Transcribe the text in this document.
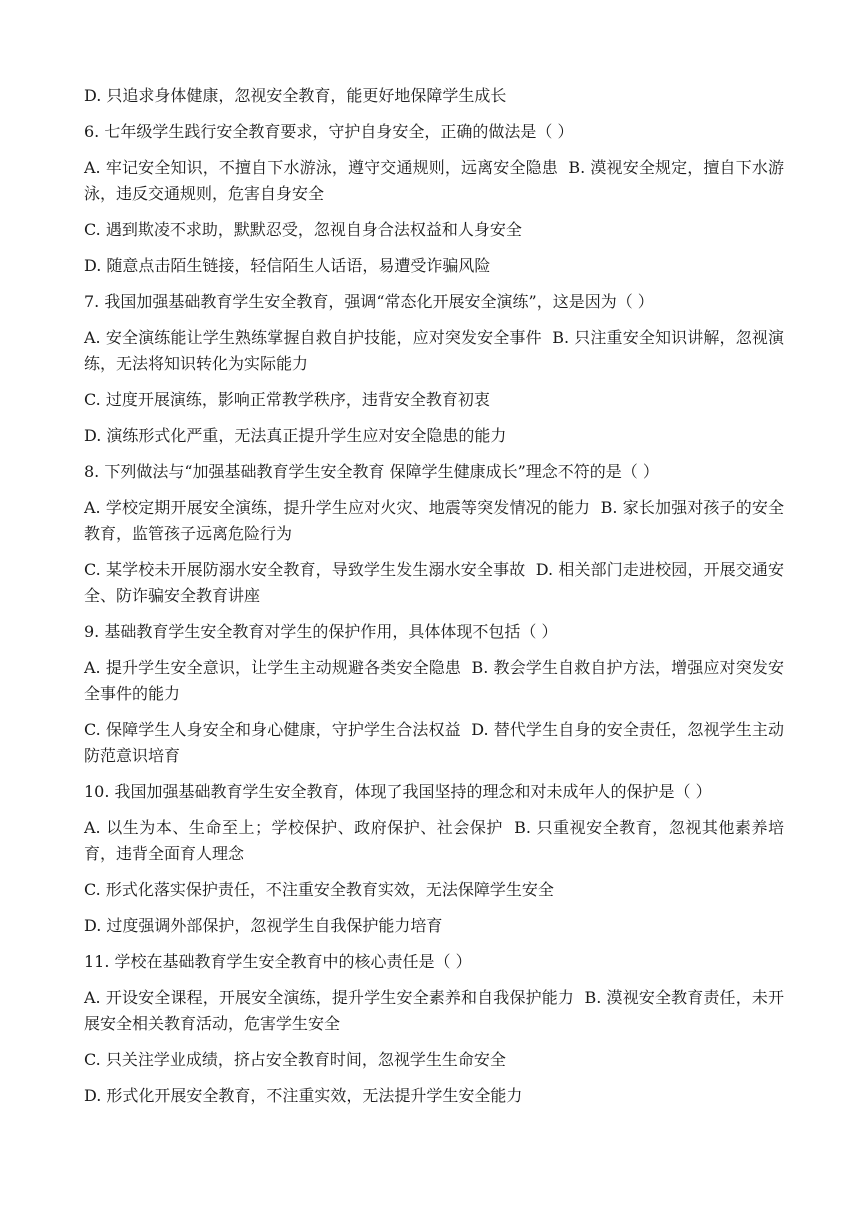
D. 只追求身体健康，忽视安全教育，能更好地保障学生成长

6. 七年级学生践行安全教育要求，守护自身安全，正确的做法是（ ）

A. 牢记安全知识，不擅自下水游泳，遵守交通规则，远离安全隐患  B. 漠视安全规定，擅自下水游泳，违反交通规则，危害自身安全

C. 遇到欺凌不求助，默默忍受，忽视自身合法权益和人身安全

D. 随意点击陌生链接，轻信陌生人话语，易遭受诈骗风险

7. 我国加强基础教育学生安全教育，强调“常态化开展安全演练”，这是因为（ ）

A. 安全演练能让学生熟练掌握自救自护技能，应对突发安全事件  B. 只注重安全知识讲解，忽视演练，无法将知识转化为实际能力

C. 过度开展演练，影响正常教学秩序，违背安全教育初衷

D. 演练形式化严重，无法真正提升学生应对安全隐患的能力

8. 下列做法与“加强基础教育学生安全教育 保障学生健康成长”理念不符的是（ ）

A. 学校定期开展安全演练，提升学生应对火灾、地震等突发情况的能力  B. 家长加强对孩子的安全教育，监管孩子远离危险行为

C. 某学校未开展防溺水安全教育，导致学生发生溺水安全事故  D. 相关部门走进校园，开展交通安全、防诈骗安全教育讲座

9. 基础教育学生安全教育对学生的保护作用，具体体现不包括（ ）

A. 提升学生安全意识，让学生主动规避各类安全隐患  B. 教会学生自救自护方法，增强应对突发安全事件的能力

C. 保障学生人身安全和身心健康，守护学生合法权益  D. 替代学生自身的安全责任，忽视学生主动防范意识培育

10. 我国加强基础教育学生安全教育，体现了我国坚持的理念和对未成年人的保护是（ ）

A. 以生为本、生命至上；学校保护、政府保护、社会保护  B. 只重视安全教育，忽视其他素养培育，违背全面育人理念

C. 形式化落实保护责任，不注重安全教育实效，无法保障学生安全

D. 过度强调外部保护，忽视学生自我保护能力培育

11. 学校在基础教育学生安全教育中的核心责任是（ ）

A. 开设安全课程，开展安全演练，提升学生安全素养和自我保护能力  B. 漠视安全教育责任，未开展安全相关教育活动，危害学生安全

C. 只关注学业成绩，挤占安全教育时间，忽视学生生命安全

D. 形式化开展安全教育，不注重实效，无法提升学生安全能力
